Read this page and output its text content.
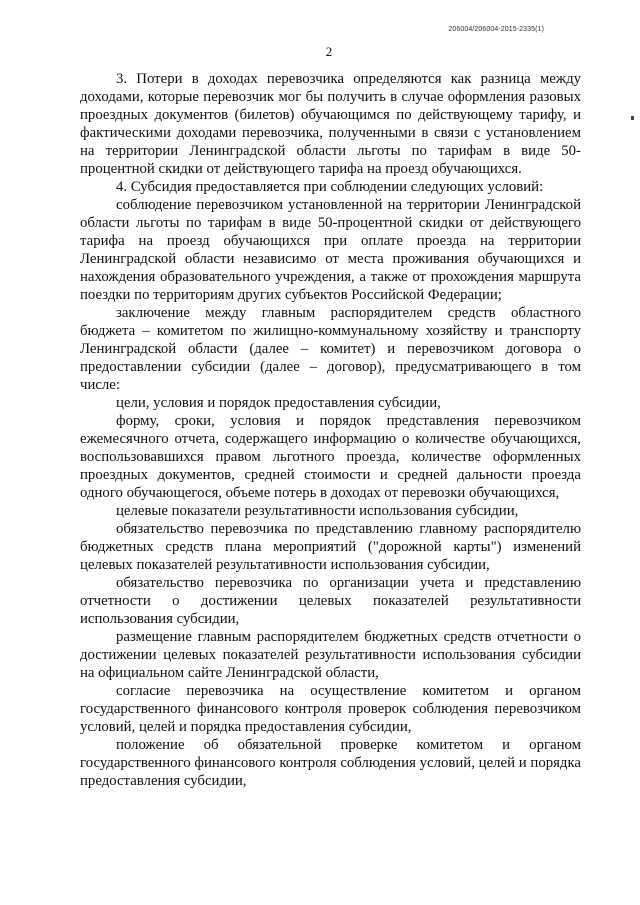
206004/206004-2015-2335(1)
2

3. Потери в доходах перевозчика определяются как разница между доходами, которые перевозчик мог бы получить в случае оформления разовых проездных документов (билетов) обучающимся по действующему тарифу, и фактическими доходами перевозчика, полученными в связи с установлением на территории Ленинградской области льготы по тарифам в виде 50-процентной скидки от действующего тарифа на проезд обучающихся.

4. Субсидия предоставляется при соблюдении следующих условий:

соблюдение перевозчиком установленной на территории Ленинградской области льготы по тарифам в виде 50-процентной скидки от действующего тарифа на проезд обучающихся при оплате проезда на территории Ленинградской области независимо от места проживания обучающихся и нахождения образовательного учреждения, а также от прохождения маршрута поездки по территориям других субъектов Российской Федерации;

заключение между главным распорядителем средств областного бюджета – комитетом по жилищно-коммунальному хозяйству и транспорту Ленинградской области (далее – комитет) и перевозчиком договора о предоставлении субсидии (далее – договор), предусматривающего в том числе:

цели, условия и порядок предоставления субсидии,

форму, сроки, условия и порядок представления перевозчиком ежемесячного отчета, содержащего информацию о количестве обучающихся, воспользовавшихся правом льготного проезда, количестве оформленных проездных документов, средней стоимости и средней дальности проезда одного обучающегося, объеме потерь в доходах от перевозки обучающихся,

целевые показатели результативности использования субсидии,

обязательство перевозчика по представлению главному распорядителю бюджетных средств плана мероприятий ("дорожной карты") изменений целевых показателей результативности использования субсидии,

обязательство перевозчика по организации учета и представлению отчетности о достижении целевых показателей результативности использования субсидии,

размещение главным распорядителем бюджетных средств отчетности о достижении целевых показателей результативности использования субсидии на официальном сайте Ленинградской области,

согласие перевозчика на осуществление комитетом и органом государственного финансового контроля проверок соблюдения перевозчиком условий, целей и порядка предоставления субсидии,

положение об обязательной проверке комитетом и органом государственного финансового контроля соблюдения условий, целей и порядка предоставления субсидии,
